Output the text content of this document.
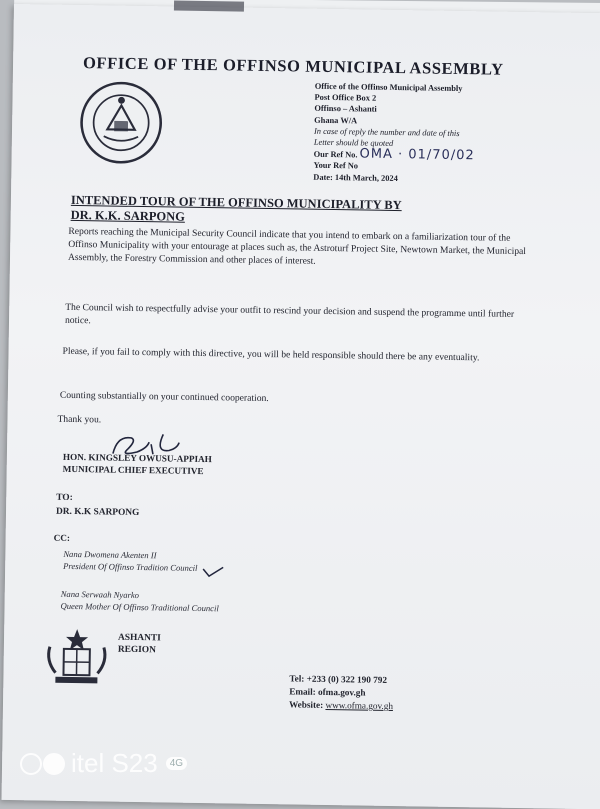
OFFICE OF THE OFFINSO MUNICIPAL ASSEMBLY
Office of the Offinso Municipal Assembly
Post Office Box 2
Offinso – Ashanti
Ghana W/A
In case of reply the number and date of this
Letter should be quoted
Our Ref No. OMA · 01/70/02
Your Ref No
Date: 14th March, 2024
INTENDED TOUR OF THE OFFINSO MUNICIPALITY BY
DR. K.K. SARPONG
Reports reaching the Municipal Security Council indicate that you intend to embark on a familiarization tour of the Offinso Municipality with your entourage at places such as, the Astroturf Project Site, Newtown Market, the Municipal Assembly, the Forestry Commission and other places of interest.
The Council wish to respectfully advise your outfit to rescind your decision and suspend the programme until further notice.
Please, if you fail to comply with this directive, you will be held responsible should there be any eventuality.
Counting substantially on your continued cooperation.
Thank you.
HON. KINGSLEY OWUSU-APPIAH
MUNICIPAL CHIEF EXECUTIVE
TO:
DR. K.K SARPONG
CC:
Nana Dwomena Akenten II
President Of Offinso Tradition Council
Nana Serwaah Nyarko
Queen Mother Of Offinso Traditional Council
ASHANTI
REGION
Tel: +233 (0) 322 190 792
Email: ofma.gov.gh
Website: www.ofma.gov.gh
itel S23	4G
